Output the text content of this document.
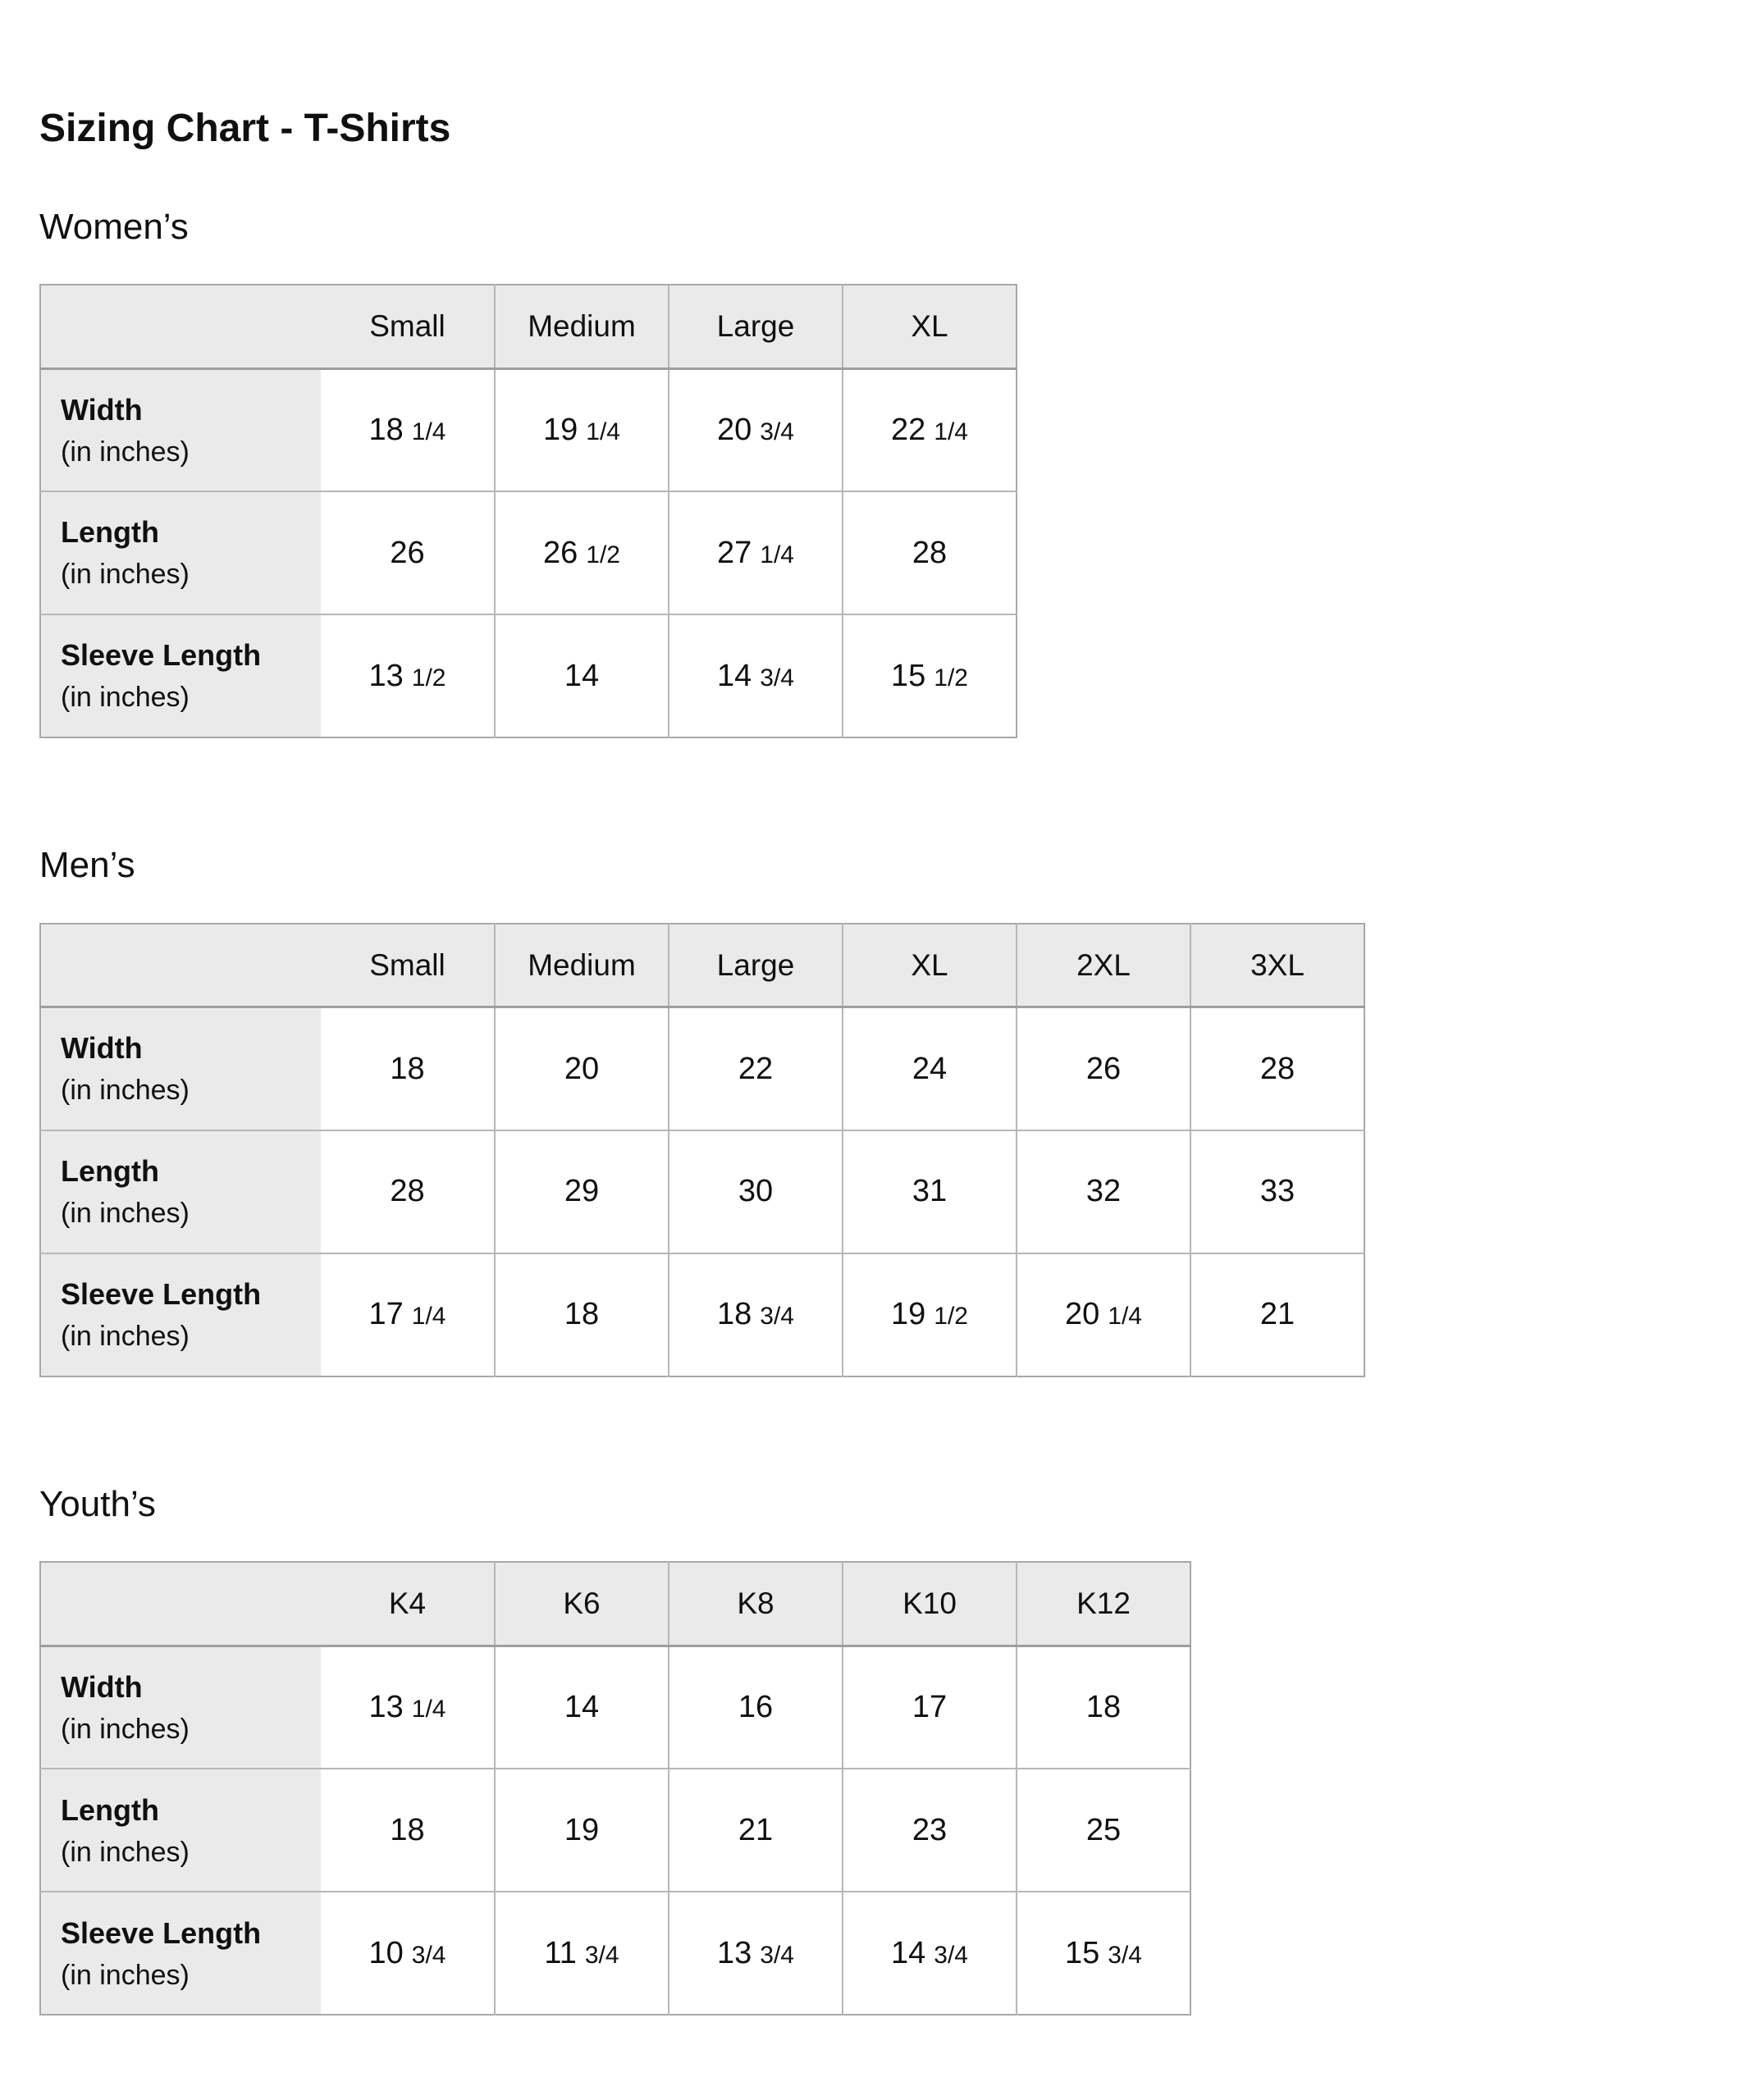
Sizing Chart - T-Shirts
Women’s
	Small	Medium	Large	XL
Width
(in inches)	18 1/4	19 1/4	20 3/4	22 1/4
Length
(in inches)	26	26 1/2	27 1/4	28
Sleeve Length
(in inches)	13 1/2	14	14 3/4	15 1/2
Men’s
	Small	Medium	Large	XL	2XL	3XL
Width
(in inches)	18	20	22	24	26	28
Length
(in inches)	28	29	30	31	32	33
Sleeve Length
(in inches)	17 1/4	18	18 3/4	19 1/2	20 1/4	21
Youth’s
	K4	K6	K8	K10	K12
Width
(in inches)	13 1/4	14	16	17	18
Length
(in inches)	18	19	21	23	25
Sleeve Length
(in inches)	10 3/4	11 3/4	13 3/4	14 3/4	15 3/4
